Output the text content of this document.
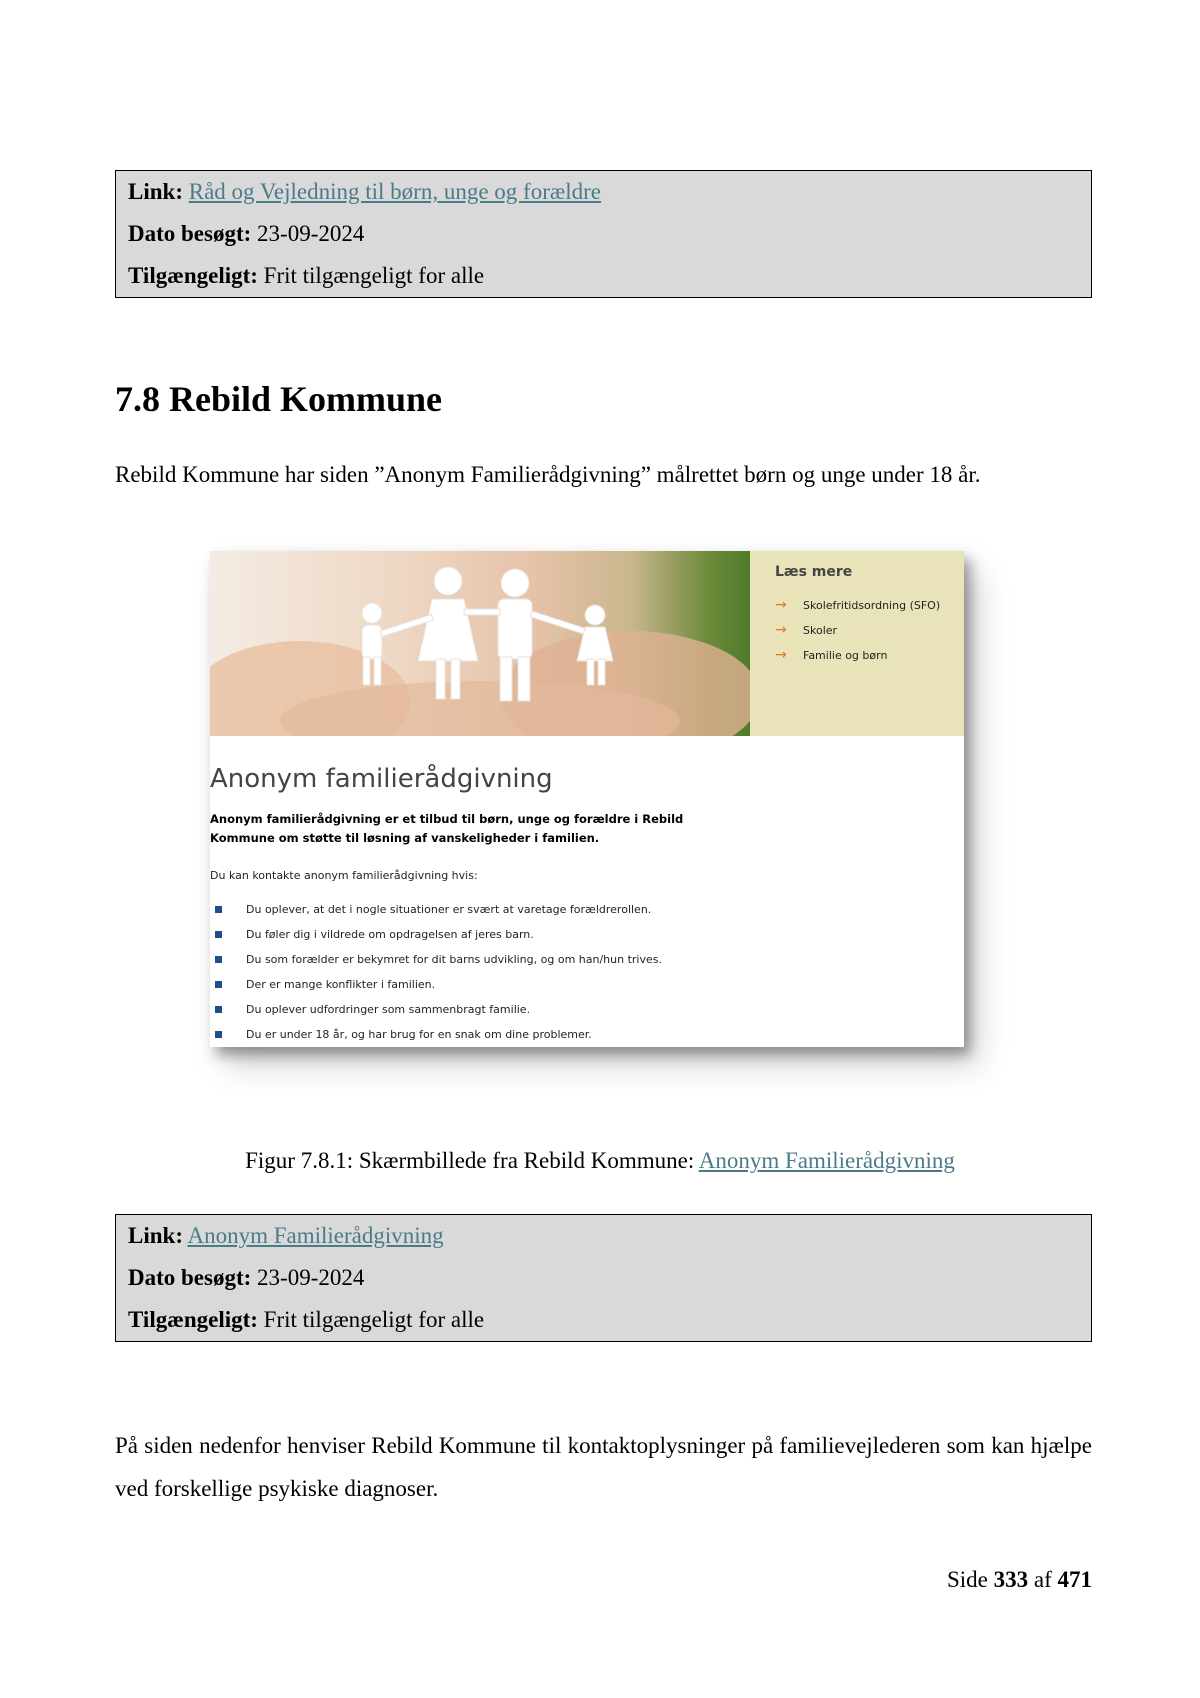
Link: Råd og Vejledning til børn, unge og forældre
Dato besøgt: 23-09-2024
Tilgængeligt: Frit tilgængeligt for alle
7.8 Rebild Kommune

Rebild Kommune har siden ”Anonym Familierådgivning” målrettet børn og unge under 18 år.

Læs mere
→	Skolefritidsordning (SFO)
→	Skoler
→	Familie og børn
Anonym familierådgivning
Anonym familierådgivning er et tilbud til børn, unge og forældre i Rebild Kommune om støtte til løsning af vanskeligheder i familien.
Du kan kontakte anonym familierådgivning hvis:
Du oplever, at det i nogle situationer er svært at varetage forældrerollen.
Du føler dig i vildrede om opdragelsen af jeres barn.
Du som forælder er bekymret for dit barns udvikling, og om han/hun trives.
Der er mange konflikter i familien.
Du oplever udfordringer som sammenbragt familie.
Du er under 18 år, og har brug for en snak om dine problemer.
Figur 7.8.1: Skærmbillede fra Rebild Kommune: Anonym Familierådgivning
Link: Anonym Familierådgivning
Dato besøgt: 23-09-2024
Tilgængeligt: Frit tilgængeligt for alle

På siden nedenfor henviser Rebild Kommune til kontaktoplysninger på familievejlederen som kan hjælpe ved forskellige psykiske diagnoser.

Side 333 af 471
